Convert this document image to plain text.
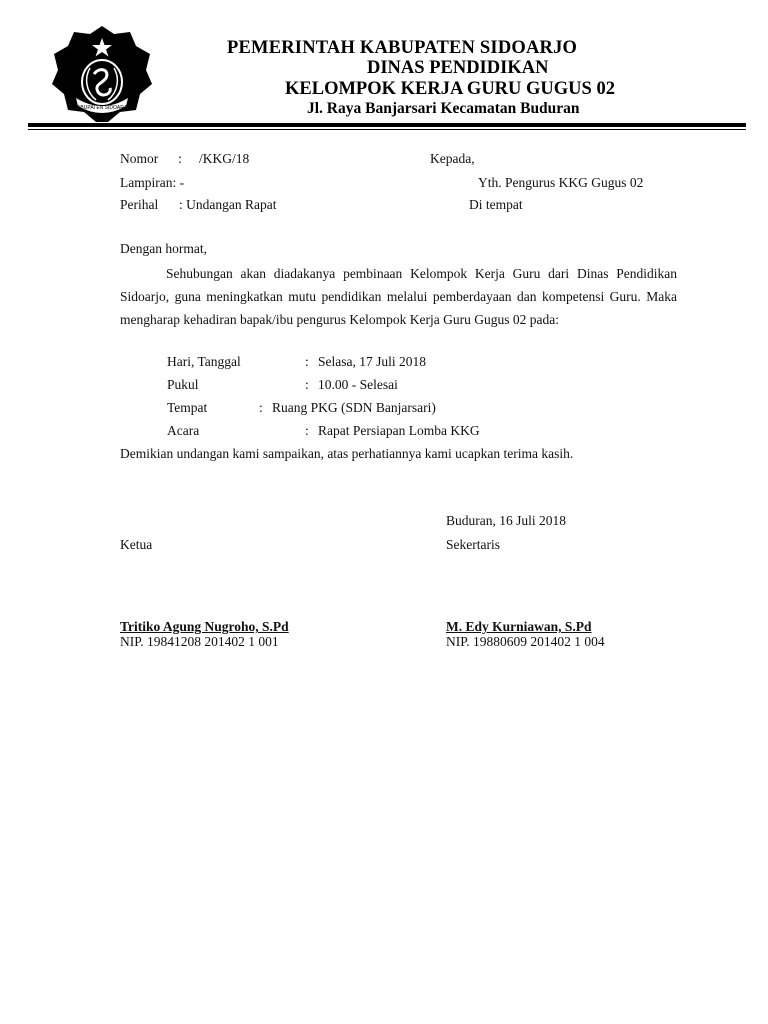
KABUPATEN SIDOARJO
PEMERINTAH KABUPATEN SIDOARJO
DINAS PENDIDIKAN
KELOMPOK KERJA GURU GUGUS 02
Jl. Raya Banjarsari Kecamatan Buduran
Nomor : /KKG/18
Lampiran: -
Perihal : Undangan Rapat
Kepada,
Yth. Pengurus KKG Gugus 02
Di tempat
Dengan hormat,
Sehubungan akan diadakanya pembinaan Kelompok Kerja Guru dari Dinas Pendidikan Sidoarjo, guna meningkatkan mutu pendidikan melalui pemberdayaan dan kompetensi Guru. Maka mengharap kehadiran bapak/ibu pengurus Kelompok Kerja Guru Gugus 02 pada:
Hari, Tanggal	: Selasa, 17 Juli 2018
Pukul	: 10.00 - Selesai
Tempat	: Ruang PKG (SDN Banjarsari)
Acara	: Rapat Persiapan Lomba KKG
Demikian undangan kami sampaikan, atas perhatiannya kami ucapkan terima kasih.
Buduran, 16 Juli 2018
Ketua	Sekertaris
Tritiko Agung Nugroho, S.Pd
NIP. 19841208 201402 1 001
M. Edy Kurniawan, S.Pd
NIP. 19880609 201402 1 004
